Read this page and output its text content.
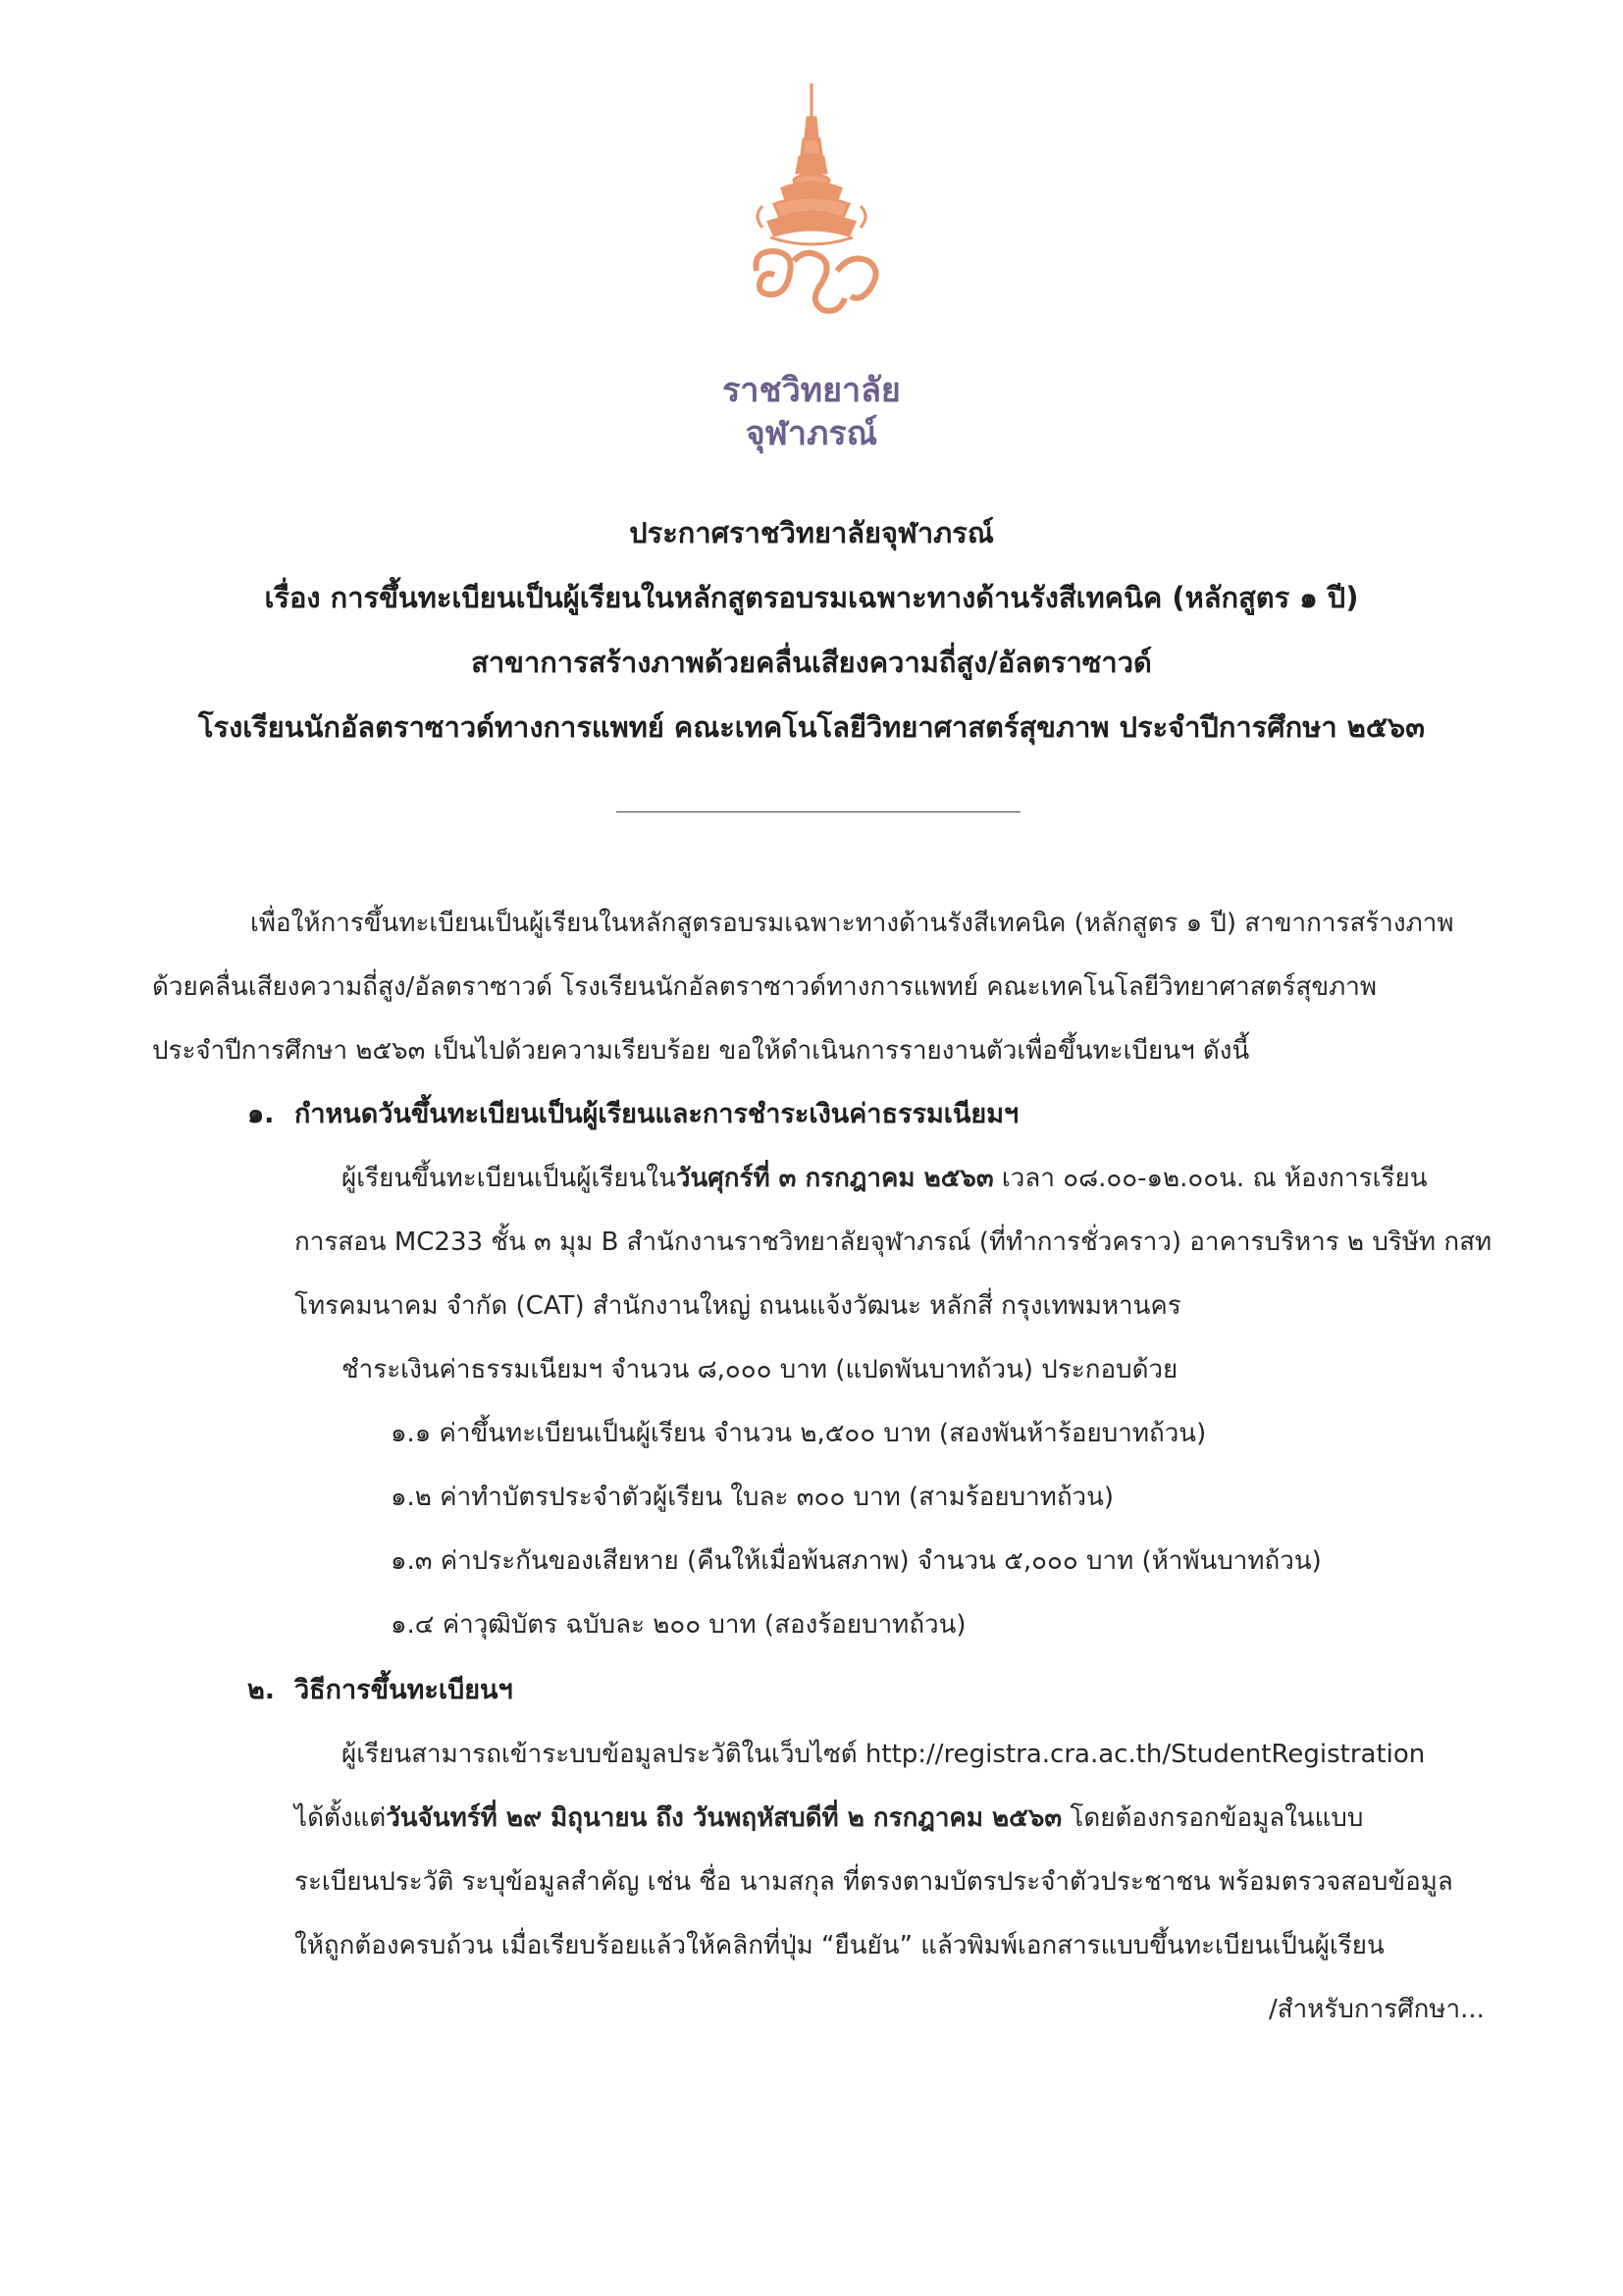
ราชวิทยาลัย
จุฬาภรณ์
ประกาศราชวิทยาลัยจุฬาภรณ์
เรื่อง การขึ้นทะเบียนเป็นผู้เรียนในหลักสูตรอบรมเฉพาะทางด้านรังสีเทคนิค (หลักสูตร ๑ ปี)
สาขาการสร้างภาพด้วยคลื่นเสียงความถี่สูง/อัลตราซาวด์
โรงเรียนนักอัลตราซาวด์ทางการแพทย์ คณะเทคโนโลยีวิทยาศาสตร์สุขภาพ ประจำปีการศึกษา ๒๕๖๓
เพื่อให้การขึ้นทะเบียนเป็นผู้เรียนในหลักสูตรอบรมเฉพาะทางด้านรังสีเทคนิค (หลักสูตร ๑ ปี) สาขาการสร้างภาพ
ด้วยคลื่นเสียงความถี่สูง/อัลตราซาวด์ โรงเรียนนักอัลตราซาวด์ทางการแพทย์ คณะเทคโนโลยีวิทยาศาสตร์สุขภาพ
ประจำปีการศึกษา ๒๕๖๓ เป็นไปด้วยความเรียบร้อย ขอให้ดำเนินการรายงานตัวเพื่อขึ้นทะเบียนฯ ดังนี้
๑. กำหนดวันขึ้นทะเบียนเป็นผู้เรียนและการชำระเงินค่าธรรมเนียมฯ
ผู้เรียนขึ้นทะเบียนเป็นผู้เรียนในวันศุกร์ที่ ๓ กรกฎาคม ๒๕๖๓ เวลา ๐๘.๐๐-๑๒.๐๐น. ณ ห้องการเรียน
การสอน MC233 ชั้น ๓ มุม B สำนักงานราชวิทยาลัยจุฬาภรณ์ (ที่ทำการชั่วคราว) อาคารบริหาร ๒ บริษัท กสท
โทรคมนาคม จำกัด (CAT) สำนักงานใหญ่ ถนนแจ้งวัฒนะ หลักสี่ กรุงเทพมหานคร
ชำระเงินค่าธรรมเนียมฯ จำนวน ๘,๐๐๐ บาท (แปดพันบาทถ้วน) ประกอบด้วย
๑.๑ ค่าขึ้นทะเบียนเป็นผู้เรียน จำนวน ๒,๕๐๐ บาท (สองพันห้าร้อยบาทถ้วน)
๑.๒ ค่าทำบัตรประจำตัวผู้เรียน ใบละ ๓๐๐ บาท (สามร้อยบาทถ้วน)
๑.๓ ค่าประกันของเสียหาย (คืนให้เมื่อพ้นสภาพ) จำนวน ๕,๐๐๐ บาท (ห้าพันบาทถ้วน)
๑.๔ ค่าวุฒิบัตร ฉบับละ ๒๐๐ บาท (สองร้อยบาทถ้วน)
๒. วิธีการขึ้นทะเบียนฯ
ผู้เรียนสามารถเข้าระบบข้อมูลประวัติในเว็บไซต์ http://registra.cra.ac.th/StudentRegistration
ได้ตั้งแต่วันจันทร์ที่ ๒๙ มิถุนายน ถึง วันพฤหัสบดีที่ ๒ กรกฎาคม ๒๕๖๓ โดยต้องกรอกข้อมูลในแบบ
ระเบียนประวัติ ระบุข้อมูลสำคัญ เช่น ชื่อ นามสกุล ที่ตรงตามบัตรประจำตัวประชาชน พร้อมตรวจสอบข้อมูล
ให้ถูกต้องครบถ้วน เมื่อเรียบร้อยแล้วให้คลิกที่ปุ่ม “ยืนยัน” แล้วพิมพ์เอกสารแบบขึ้นทะเบียนเป็นผู้เรียน
/สำหรับการศึกษา...
